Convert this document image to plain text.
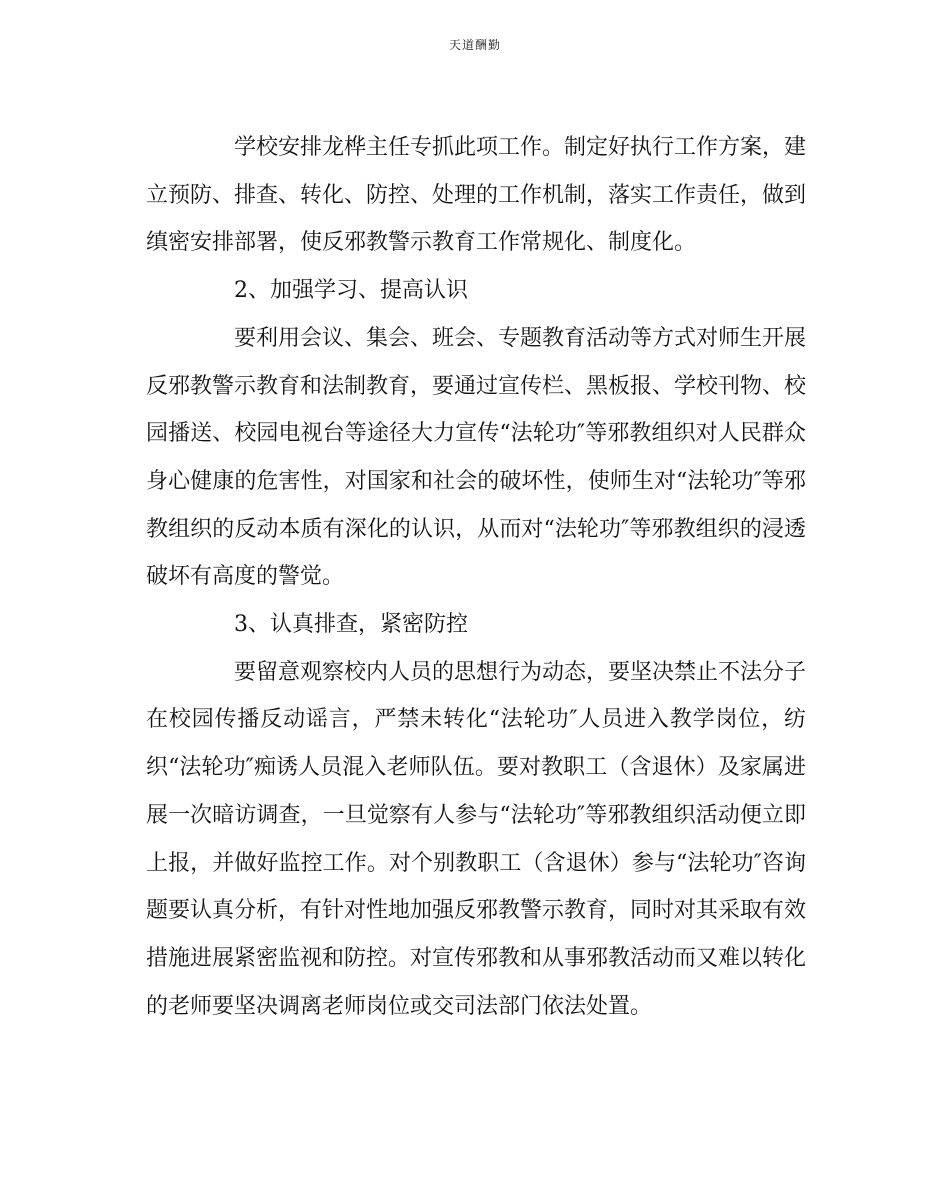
天道酬勤

学校安排龙桦主任专抓此项工作。制定好执行工作方案，建立预防、排查、转化、防控、处理的工作机制，落实工作责任，做到缜密安排部署，使反邪教警示教育工作常规化、制度化。

2、加强学习、提高认识

要利用会议、集会、班会、专题教育活动等方式对师生开展反邪教警示教育和法制教育，要通过宣传栏、黑板报、学校刊物、校园播送、校园电视台等途径大力宣传“法轮功″等邪教组织对人民群众身心健康的危害性，对国家和社会的破坏性，使师生对“法轮功″等邪教组织的反动本质有深化的认识，从而对“法轮功″等邪教组织的浸透破坏有高度的警觉。

3、认真排查，紧密防控

要留意观察校内人员的思想行为动态，要坚决禁止不法分子在校园传播反动谣言，严禁未转化“法轮功″人员进入教学岗位，纺织“法轮功″痴诱人员混入老师队伍。要对教职工（含退休）及家属进展一次暗访调查，一旦觉察有人参与“法轮功″等邪教组织活动便立即上报，并做好监控工作。对个别教职工（含退休）参与“法轮功″咨询题要认真分析，有针对性地加强反邪教警示教育，同时对其采取有效措施进展紧密监视和防控。对宣传邪教和从事邪教活动而又难以转化的老师要坚决调离老师岗位或交司法部门依法处置。
